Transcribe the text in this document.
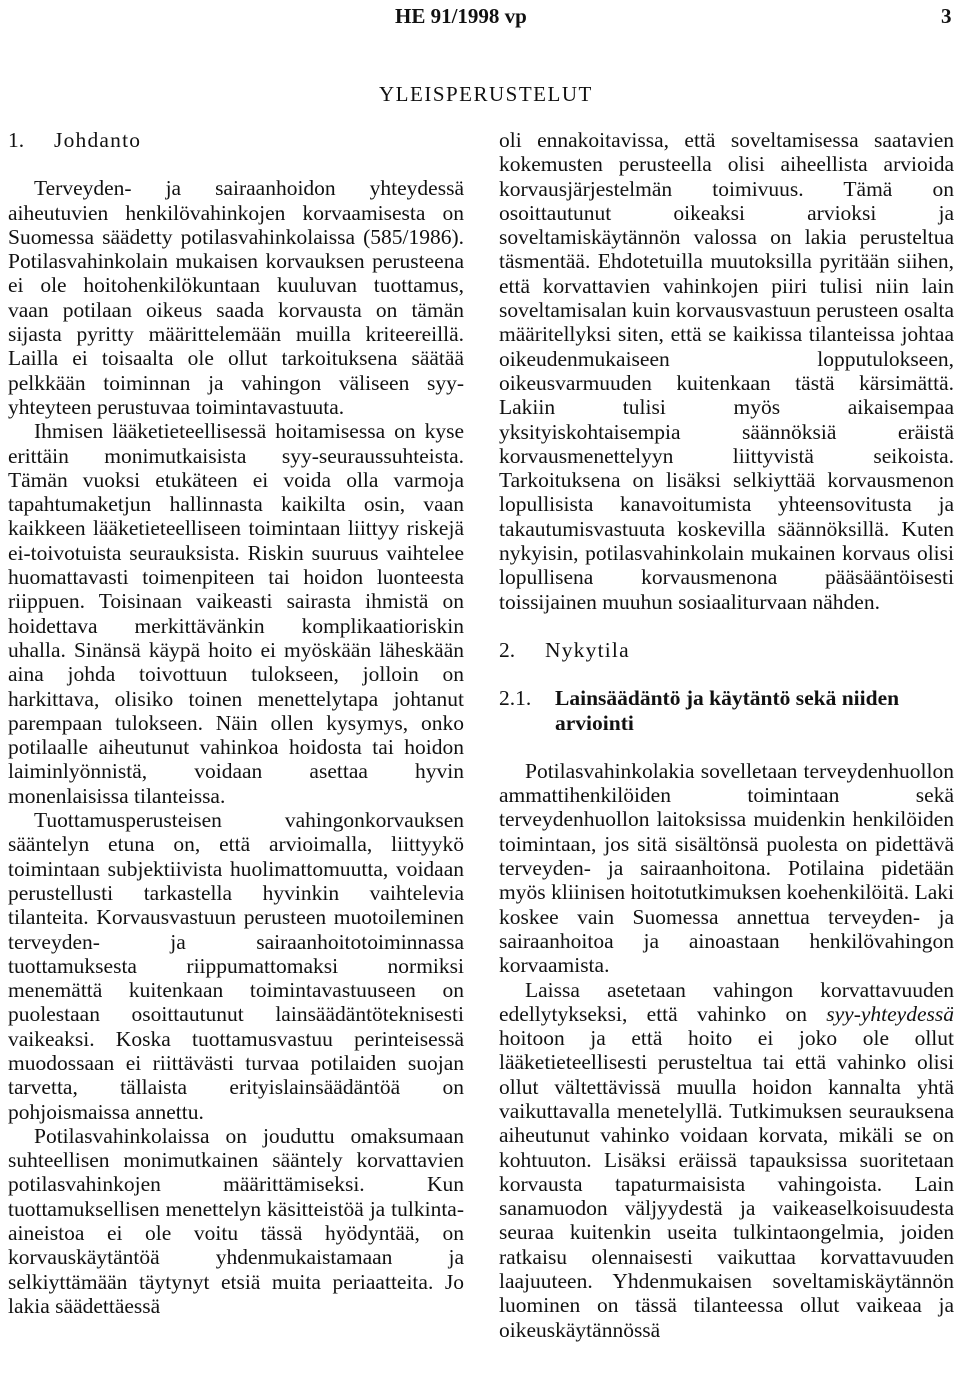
HE 91/1998 vp	3
YLEISPERUSTELUT
1.	Johdanto

Terveyden- ja sairaanhoidon yhteydessä aiheutuvien henkilövahinkojen korvaamisesta on Suomessa säädetty potilasvahinkolaissa (585/1986). Potilasvahinkolain mukaisen korvauksen perusteena ei ole hoitohenkilökuntaan kuuluvan tuottamus, vaan potilaan oikeus saada korvausta on tämän sijasta pyritty määrittelemään muilla kriteereillä. Lailla ei toisaalta ole ollut tarkoituksena säätää pelkkään toiminnan ja vahingon väliseen syy-yhteyteen perustuvaa toimintavastuuta.

Ihmisen lääketieteellisessä hoitamisessa on kyse erittäin monimutkaisista syy-seuraussuhteista. Tämän vuoksi etukäteen ei voida olla varmoja tapahtumaketjun hallinnasta kaikilta osin, vaan kaikkeen lääketieteelliseen toimintaan liittyy riskejä ei-toivotuista seurauksista. Riskin suuruus vaihtelee huomattavasti toimenpiteen tai hoidon luonteesta riippuen. Toisinaan vaikeasti sairasta ihmistä on hoidettava merkittävänkin komplikaatioriskin uhalla. Sinänsä käypä hoito ei myöskään läheskään aina johda toivottuun tulokseen, jolloin on harkittava, olisiko toinen menettelytapa johtanut parempaan tulokseen. Näin ollen kysymys, onko potilaalle aiheutunut vahinkoa hoidosta tai hoidon laiminlyönnistä, voidaan asettaa hyvin monenlaisissa tilanteissa.

Tuottamusperusteisen vahingonkorvauksen sääntelyn etuna on, että arvioimalla, liittyykö toimintaan subjektiivista huolimattomuutta, voidaan perustellusti tarkastella hyvinkin vaihtelevia tilanteita. Korvausvastuun perusteen muotoileminen terveyden- ja sairaanhoitotoiminnassa tuottamuksesta riippumattomaksi normiksi menemättä kuitenkaan toimintavastuuseen on puolestaan osoittautunut lainsäädäntöteknisesti vaikeaksi. Koska tuottamusvastuu perinteisessä muodossaan ei riittävästi turvaa potilaiden suojan tarvetta, tällaista erityislainsäädäntöä on pohjoismaissa annettu.

Potilasvahinkolaissa on jouduttu omaksumaan suhteellisen monimutkainen sääntely korvattavien potilasvahinkojen määrittämiseksi. Kun tuottamuksellisen menettelyn käsitteistöä ja tulkinta-aineistoa ei ole voitu tässä hyödyntää, on korvauskäytäntöä yhdenmukaistamaan ja selkiyttämään täytynyt etsiä muita periaatteita. Jo lakia säädettäessä

oli ennakoitavissa, että soveltamisessa saatavien kokemusten perusteella olisi aiheellista arvioida korvausjärjestelmän toimivuus. Tämä on osoittautunut oikeaksi arvioksi ja soveltamiskäytännön valossa on lakia perusteltua täsmentää. Ehdotetuilla muutoksilla pyritään siihen, että korvattavien vahinkojen piiri tulisi niin lain soveltamisalan kuin korvausvastuun perusteen osalta määritellyksi siten, että se kaikissa tilanteissa johtaa oikeudenmukaiseen lopputulokseen, oikeusvarmuuden kuitenkaan tästä kärsimättä. Lakiin tulisi myös aikaisempaa yksityiskohtaisempia säännöksiä eräistä korvausmenettelyyn liittyvistä seikoista. Tarkoituksena on lisäksi selkiyttää korvausmenon lopullisista kanavoitumista yhteensovitusta ja takautumisvastuuta koskevilla säännöksillä. Kuten nykyisin, potilasvahinkolain mukainen korvaus olisi lopullisena korvausmenona pääsääntöisesti toissijainen muuhun sosiaaliturvaan nähden.

2.	Nykytila
2.1.	Lainsäädäntö ja käytäntö sekä niiden arviointi

Potilasvahinkolakia sovelletaan terveydenhuollon ammattihenkilöiden toimintaan sekä terveydenhuollon laitoksissa muidenkin henkilöiden toimintaan, jos sitä sisältönsä puolesta on pidettävä terveyden- ja sairaanhoitona. Potilaina pidetään myös kliinisen hoitotutkimuksen koehenkilöitä. Laki koskee vain Suomessa annettua terveyden- ja sairaanhoitoa ja ainoastaan henkilövahingon korvaamista.

Laissa asetetaan vahingon korvattavuuden edellytykseksi, että vahinko on syy-yhteydessä hoitoon ja että hoito ei joko ole ollut lääketieteellisesti perusteltua tai että vahinko olisi ollut vältettävissä muulla hoidon kannalta yhtä vaikuttavalla menetelyllä. Tutkimuksen seurauksena aiheutunut vahinko voidaan korvata, mikäli se on kohtuuton. Lisäksi eräissä tapauksissa suoritetaan korvausta tapaturmaisista vahingoista. Lain sanamuodon väljyydestä ja vaikeaselkoisuudesta seuraa kuitenkin useita tulkintaongelmia, joiden ratkaisu olennaisesti vaikuttaa korvattavuuden laajuuteen. Yhdenmukaisen soveltamiskäytännön luominen on tässä tilanteessa ollut vaikeaa ja oikeuskäytännössä
